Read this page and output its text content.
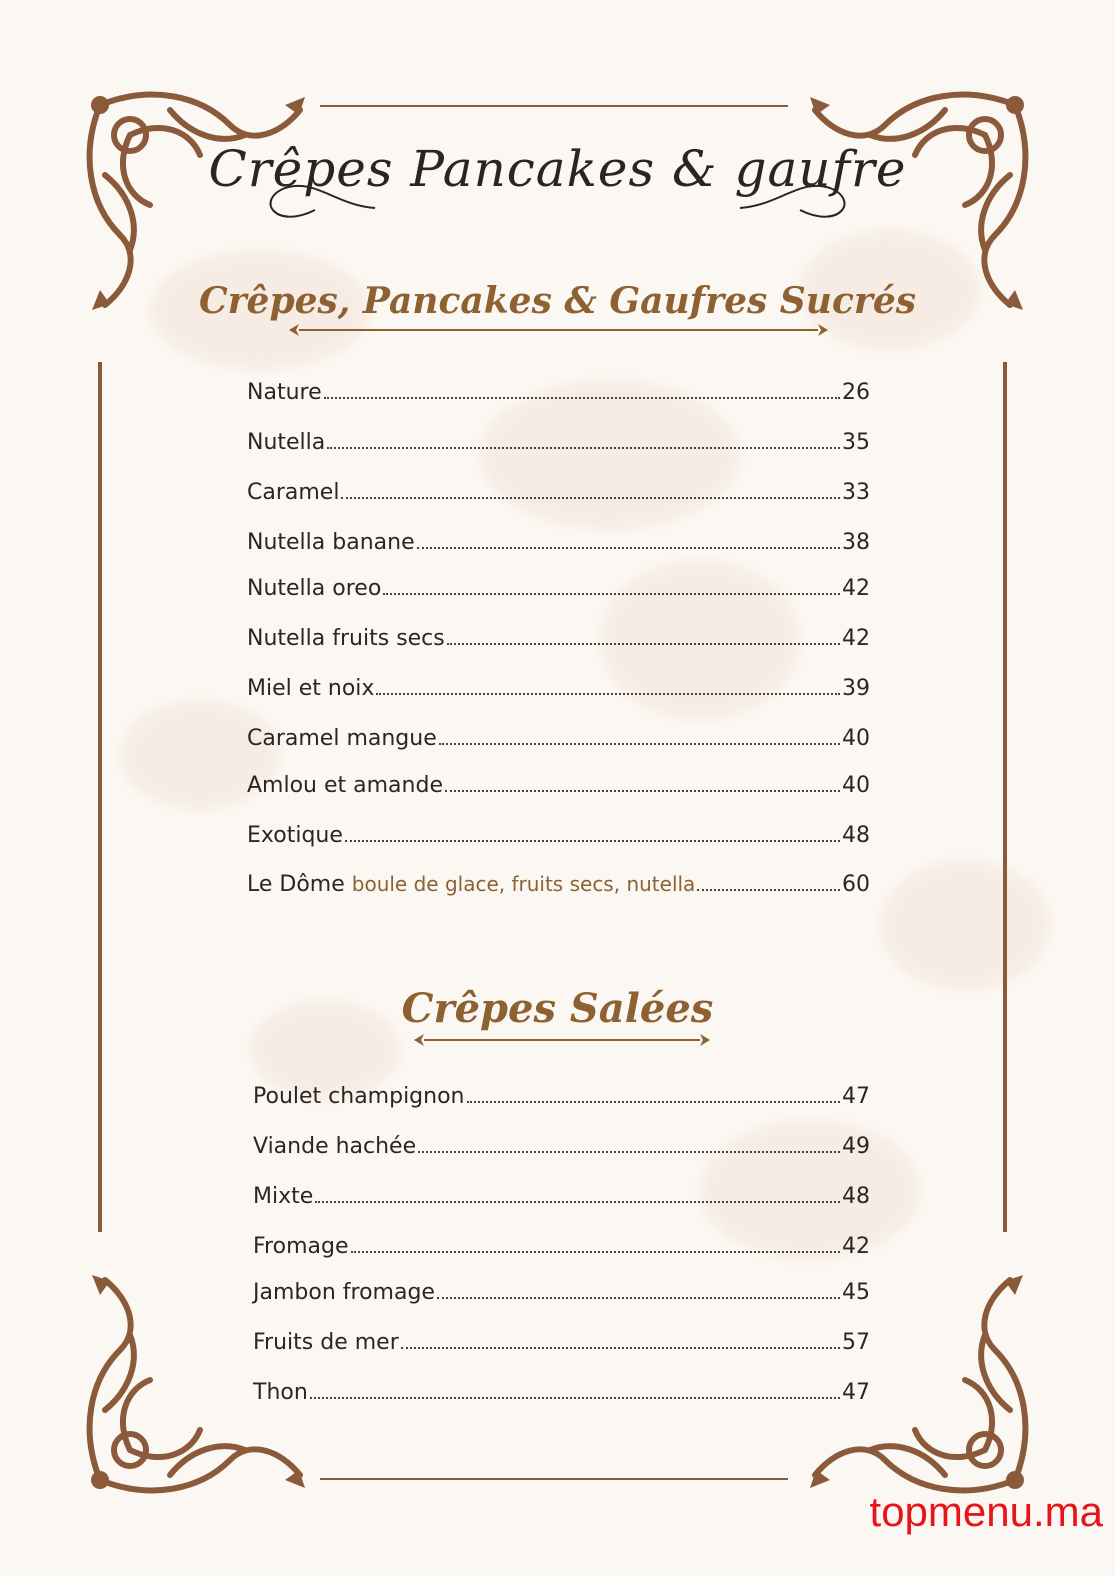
Crêpes Pancakes & gaufre
Crêpes, Pancakes & Gaufres Sucrés
Nature	26
Nutella	35
Caramel	33
Nutella banane	38
Nutella oreo	42
Nutella fruits secs	42
Miel et noix	39
Caramel mangue	40
Amlou et amande	40
Exotique	48
Le Dôme boule de glace, fruits secs, nutella	60
Crêpes Salées
Poulet champignon	47
Viande hachée	49
Mixte	48
Fromage	42
Jambon fromage	45
Fruits de mer	57
Thon	47
topmenu.ma
